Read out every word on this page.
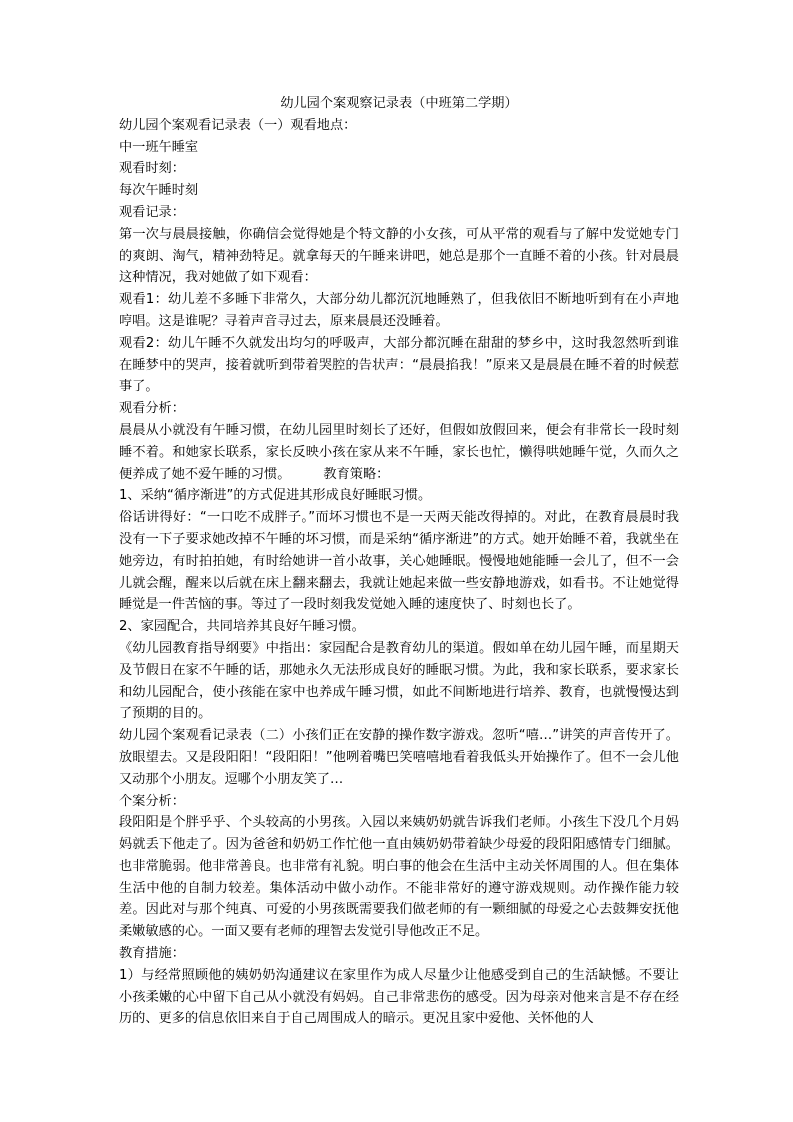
幼儿园个案观察记录表（中班第二学期）

幼儿园个案观看记录表（一）观看地点：

中一班午睡室

观看时刻：

每次午睡时刻

观看记录：

第一次与晨晨接触，你确信会觉得她是个特文静的小女孩，可从平常的观看与了解中发觉她专门的爽朗、淘气，精神劲特足。就拿每天的午睡来讲吧，她总是那个一直睡不着的小孩。针对晨晨这种情况，我对她做了如下观看：

观看1：幼儿差不多睡下非常久，大部分幼儿都沉沉地睡熟了，但我依旧不断地听到有在小声地哼唱。这是谁呢？寻着声音寻过去，原来晨晨还没睡着。

观看2：幼儿午睡不久就发出均匀的呼吸声，大部分都沉睡在甜甜的梦乡中，这时我忽然听到谁在睡梦中的哭声，接着就听到带着哭腔的告状声：“晨晨掐我！”原来又是晨晨在睡不着的时候惹事了。

观看分析：

晨晨从小就没有午睡习惯，在幼儿园里时刻长了还好，但假如放假回来，便会有非常长一段时刻睡不着。和她家长联系，家长反映小孩在家从来不午睡，家长也忙，懒得哄她睡午觉，久而久之便养成了她不爱午睡的习惯。　　　教育策略：

1、采纳“循序渐进”的方式促进其形成良好睡眠习惯。

俗话讲得好：“一口吃不成胖子。”而坏习惯也不是一天两天能改得掉的。对此，在教育晨晨时我没有一下子要求她改掉不午睡的坏习惯，而是采纳“循序渐进”的方式。她开始睡不着，我就坐在她旁边，有时拍拍她，有时给她讲一首小故事，关心她睡眠。慢慢地她能睡一会儿了，但不一会儿就会醒，醒来以后就在床上翻来翻去，我就让她起来做一些安静地游戏，如看书。不让她觉得睡觉是一件苦恼的事。等过了一段时刻我发觉她入睡的速度快了、时刻也长了。

2、家园配合，共同培养其良好午睡习惯。

《幼儿园教育指导纲要》中指出：家园配合是教育幼儿的渠道。假如单在幼儿园午睡，而星期天及节假日在家不午睡的话，那她永久无法形成良好的睡眠习惯。为此，我和家长联系，要求家长和幼儿园配合，使小孩能在家中也养成午睡习惯，如此不间断地进行培养、教育，也就慢慢达到了预期的目的。

幼儿园个案观看记录表（二）小孩们正在安静的操作数字游戏。忽听“嘻…”讲笑的声音传开了。放眼望去。又是段阳阳！“段阳阳！”他咧着嘴巴笑嘻嘻地看着我低头开始操作了。但不一会儿他又动那个小朋友。逗哪个小朋友笑了…

个案分析：

段阳阳是个胖乎乎、个头较高的小男孩。入园以来姨奶奶就告诉我们老师。小孩生下没几个月妈妈就丢下他走了。因为爸爸和奶奶工作忙他一直由姨奶奶带着缺少母爱的段阳阳感情专门细腻。也非常脆弱。他非常善良。也非常有礼貌。明白事的他会在生活中主动关怀周围的人。但在集体生活中他的自制力较差。集体活动中做小动作。不能非常好的遵守游戏规则。动作操作能力较差。因此对与那个纯真、可爱的小男孩既需要我们做老师的有一颗细腻的母爱之心去鼓舞安抚他柔嫩敏感的心。一面又要有老师的理智去发觉引导他改正不足。

教育措施：

1）与经常照顾他的姨奶奶沟通建议在家里作为成人尽量少让他感受到自己的生活缺憾。不要让小孩柔嫩的心中留下自己从小就没有妈妈。自己非常悲伤的感受。因为母亲对他来言是不存在经历的、更多的信息依旧来自于自己周围成人的暗示。更况且家中爱他、关怀他的人
